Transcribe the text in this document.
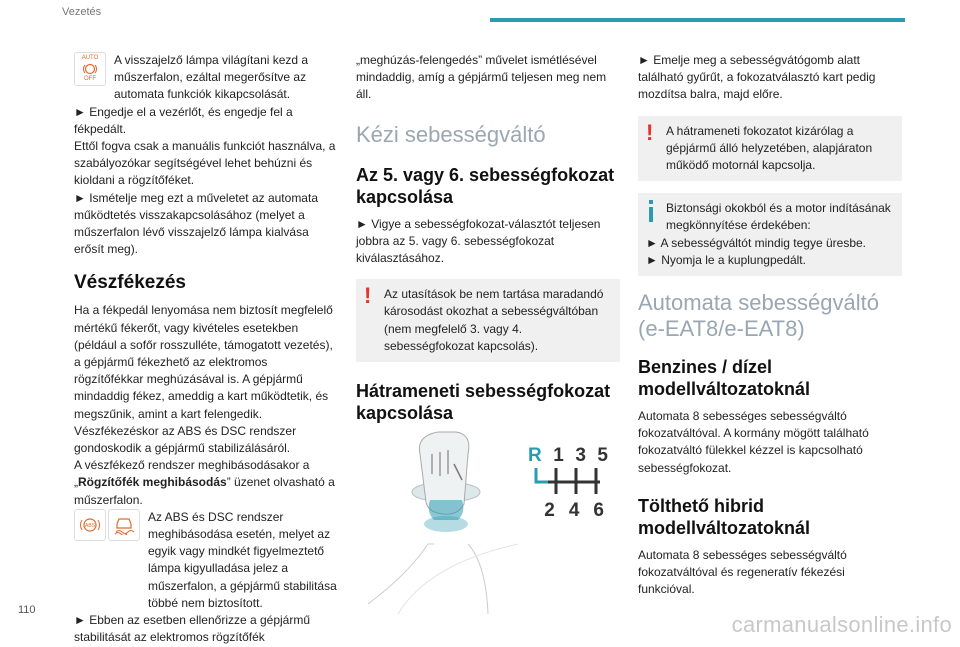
Vezetés
110
carmanualsonline.info
AUTO
OFF

A visszajelző lámpa világítani kezd a műszerfalon, ezáltal megerősítve az automata funkciók kikapcsolását.

► Engedje el a vezérlőt, és engedje fel a fékpedált.

Ettől fogva csak a manuális funkciót használva, a szabályozókar segítségével lehet behúzni és kioldani a rögzítőféket.

► Ismételje meg ezt a műveletet az automata működtetés visszakapcsolásához (melyet a műszerfalon lévő visszajelző lámpa kialvása erősít meg).

Vészfékezés

Ha a fékpedál lenyomása nem biztosít megfelelő mértékű fékerőt, vagy kivételes esetekben (például a sofőr rosszulléte, támogatott vezetés), a gépjármű fékezhető az elektromos rögzítőfékkar meghúzásával is. A gépjármű mindaddig fékez, ameddig a kart működtetik, és megszűnik, amint a kart felengedik.

Vészfékezéskor az ABS és DSC rendszer gondoskodik a gépjármű stabilizálásáról.

A vészfékező rendszer meghibásodásakor a „Rögzítőfék meghibásodás” üzenet olvasható a műszerfalon.

ABS

Az ABS és DSC rendszer meghibásodása esetén, melyet az egyik vagy mindkét figyelmeztető lámpa kigyulladása jelez a műszerfalon, a gépjármű stabilitása többé nem biztosított.

► Ebben az esetben ellenőrizze a gépjármű stabilitását az elektromos rögzítőfék

„meghúzás-felengedés” művelet ismétlésével mindaddig, amíg a gépjármű teljesen meg nem áll.

Kézi sebességváltó
Az 5. vagy 6. sebességfokozat kapcsolása

► Vigye a sebességfokozat-választót teljesen jobbra az 5. vagy 6. sebességfokozat kiválasztásához.

!	Az utasítások be nem tartása maradandó károsodást okozhat a sebességváltóban (nem megfelelő 3. vagy 4. sebességfokozat kapcsolás).

Hátrameneti sebességfokozat kapcsolása
R 1 3 5
2 4 6

► Emelje meg a sebességvátógomb alatt található gyűrűt, a fokozatválasztó kart pedig mozdítsa balra, majd előre.

!	A hátrameneti fokozatot kizárólag a gépjármű álló helyzetében, alapjáraton működő motornál kapcsolja.

Biztonsági okokból és a motor indításának megkönnyítése érdekében:

► A sebességváltót mindig tegye üresbe.

► Nyomja le a kuplungpedált.

Automata sebességváltó (e-EAT8/e-EAT8)
Benzines / dízel modellváltozatoknál

Automata 8 sebességes sebességváltó fokozatváltóval. A kormány mögött található fokozatváltó fülekkel kézzel is kapcsolható sebességfokozat.

Tölthető hibrid modellváltozatoknál

Automata 8 sebességes sebességváltó fokozatváltóval és regeneratív fékezési funkcióval.
